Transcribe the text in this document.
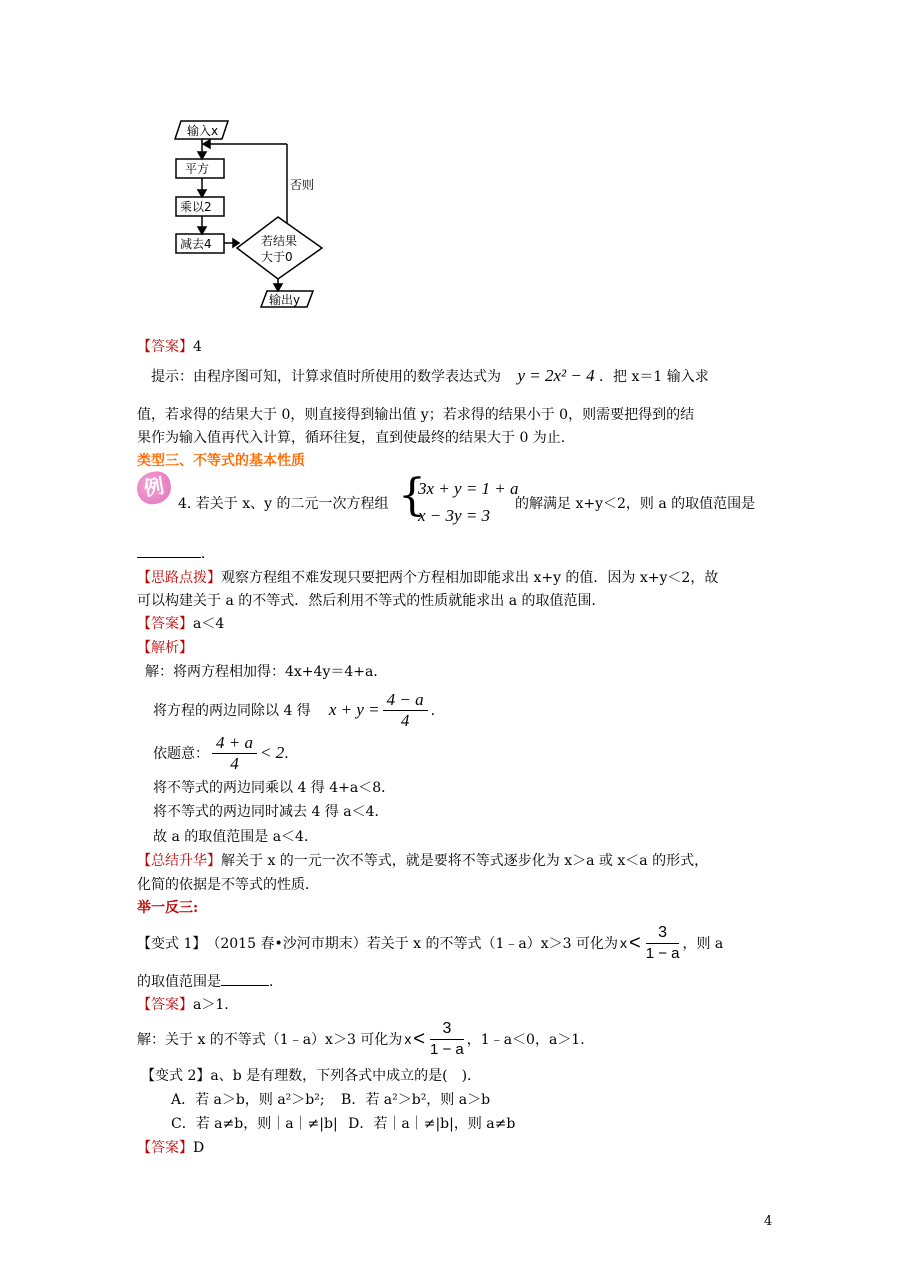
输入x
平方
乘以2
减去4	若结果
大于0
否则
输出y
【答案】4
提示：由程序图可知，计算求值时所使用的数学表达式为 y = 2x² − 4 ．把 x＝1 输入求
值，若求得的结果大于 0，则直接得到输出值 y；若求得的结果小于 0，则需要把得到的结
果作为输入值再代入计算，循环往复，直到使最终的结果大于 0 为止.
类型三、不等式的基本性质
例
4. 若关于 x、y 的二元一次方程组 {
3x + y = 1 + a
x − 3y = 3
的解满足 x+y＜2，则 a 的取值范围是
．
【思路点拨】观察方程组不难发现只要把两个方程相加即能求出 x+y 的值．因为 x+y＜2，故
可以构建关于 a 的不等式．然后利用不等式的性质就能求出 a 的取值范围．
【答案】a＜4
【解析】
解：将两方程相加得：4x+4y＝4+a．
将方程的两边同除以 4 得 $x + y = \frac{4 - a}{4}$ ．
依题意： $\frac{4 + a}{4} < 2$ ．
将不等式的两边同乘以 4 得 4+a＜8．
将不等式的两边同时减去 4 得 a＜4．
故 a 的取值范围是 a＜4．
【总结升华】解关于 x 的一元一次不等式，就是要将不等式逐步化为 x＞a 或 x＜a 的形式，
化简的依据是不等式的性质．
举一反三:
【变式 1】 （2015 春•沙河市期末）若关于 x 的不等式（1﹣a）x＞3 可化为 $x < \frac{3}{1 - a}$ ，则 a
的取值范围是	.
【答案】a＞1.
解：关于 x 的不等式（1﹣a）x＞3 可化为 $x < \frac{3}{1 - a}$ ，1﹣a＜0，a＞1.
【变式 2】a、b 是有理数，下列各式中成立的是(　).
A．若 a＞b，则 a²＞b²; B．若 a²＞b²，则 a＞b
C．若 a≠b，则｜a｜≠|b| D．若｜a｜≠|b|，则 a≠b
【答案】D
4
